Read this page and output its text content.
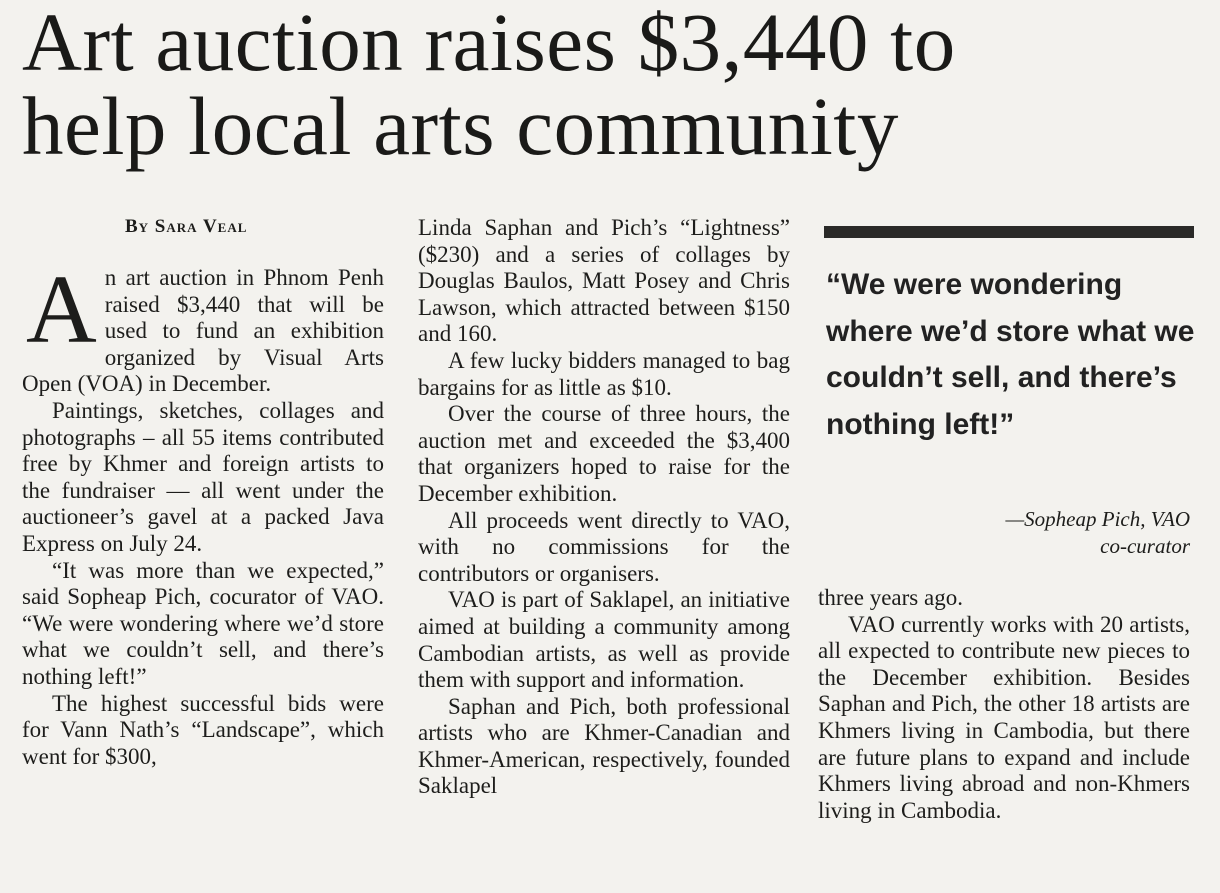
Art auction raises $3,440 to
help local arts community
By Sara Veal

An art auction in Phnom Penh raised $3,440 that will be used to fund an exhibition organized by Visual Arts Open (VOA) in December.

Paintings, sketches, collages and photographs – all 55 items contributed free by Khmer and foreign artists to the fundraiser — all went under the auctioneer’s gavel at a packed Java Express on July 24.

“It was more than we expected,” said Sopheap Pich, cocurator of VAO. “We were wondering where we’d store what we couldn’t sell, and there’s nothing left!”

The highest successful bids were for Vann Nath’s “Landscape”, which went for $300,

Linda Saphan and Pich’s “Lightness” ($230) and a series of collages by Douglas Baulos, Matt Posey and Chris Lawson, which attracted between $150 and 160.

A few lucky bidders managed to bag bargains for as little as $10.

Over the course of three hours, the auction met and exceeded the $3,400 that organizers hoped to raise for the December exhibition.

All proceeds went directly to VAO, with no commissions for the contributors or organisers.

VAO is part of Saklapel, an initiative aimed at building a community among Cambodian artists, as well as provide them with support and information.

Saphan and Pich, both professional artists who are Khmer-Canadian and Khmer-American, respectively, founded Saklapel

“We were wondering where we’d store what we couldn’t sell, and there’s nothing left!”
—Sopheap Pich, VAO
co-curator

three years ago.

VAO currently works with 20 artists, all expected to contribute new pieces to the December exhibition. Besides Saphan and Pich, the other 18 artists are Khmers living in Cambodia, but there are future plans to expand and include Khmers living abroad and non-Khmers living in Cambodia.
